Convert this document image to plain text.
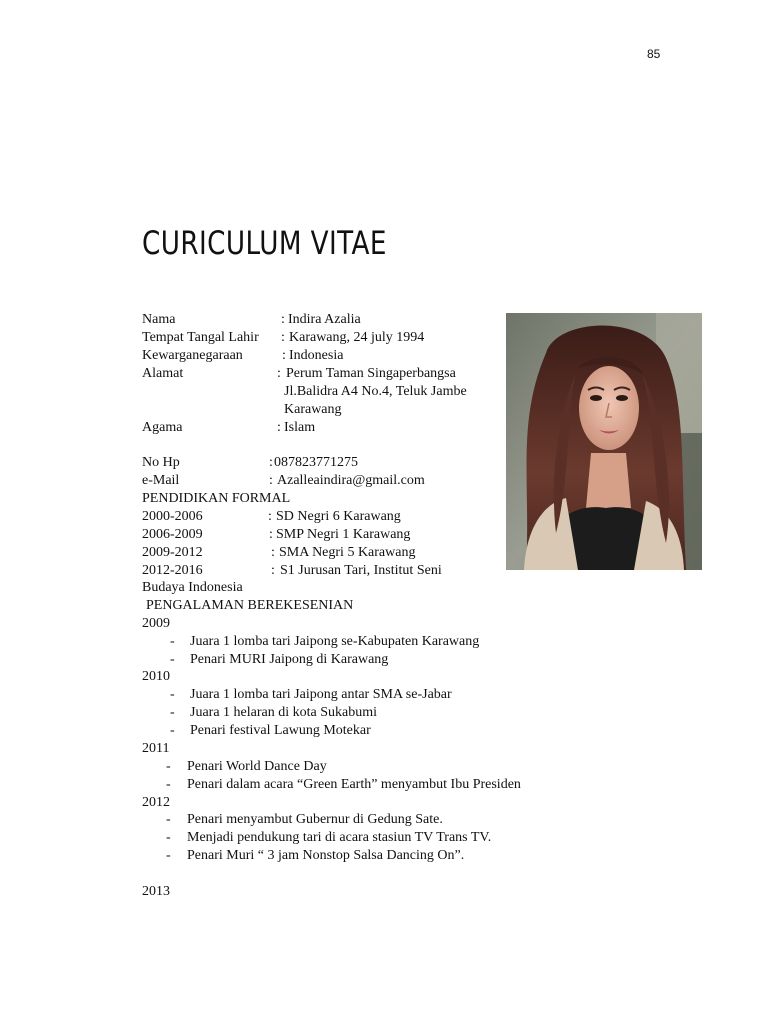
85
CURICULUM VITAE
Nama	: Indira Azalia
Tempat Tangal Lahir : Karawang, 24 july 1994
Kewarganegaraan	: Indonesia
Alamat	: Perum Taman Singaperbangsa
Jl.Balidra A4 No.4, Teluk Jambe
Karawang
Agama	: Islam
No Hp	: 087823771275
e-Mail	: Azalleaindira@gmail.com
PENDIDIKAN FORMAL
2000-2006	: SD Negri 6 Karawang
2006-2009	: SMP Negri 1 Karawang
2009-2012	: SMA Negri 5 Karawang
2012-2016	: S1 Jurusan Tari, Institut Seni
Budaya Indonesia
PENGALAMAN BEREKESENIAN
2009
- Juara 1 lomba tari Jaipong se-Kabupaten Karawang
- Penari MURI Jaipong di Karawang
2010
- Juara 1 lomba tari Jaipong antar SMA se-Jabar
- Juara 1 helaran di kota Sukabumi
- Penari festival Lawung Motekar
2011
- Penari World Dance Day
- Penari dalam acara “Green Earth” menyambut Ibu Presiden
2012
- Penari menyambut Gubernur di Gedung Sate.
- Menjadi pendukung tari di acara stasiun TV Trans TV.
- Penari Muri “ 3 jam Nonstop Salsa Dancing On”.
2013
